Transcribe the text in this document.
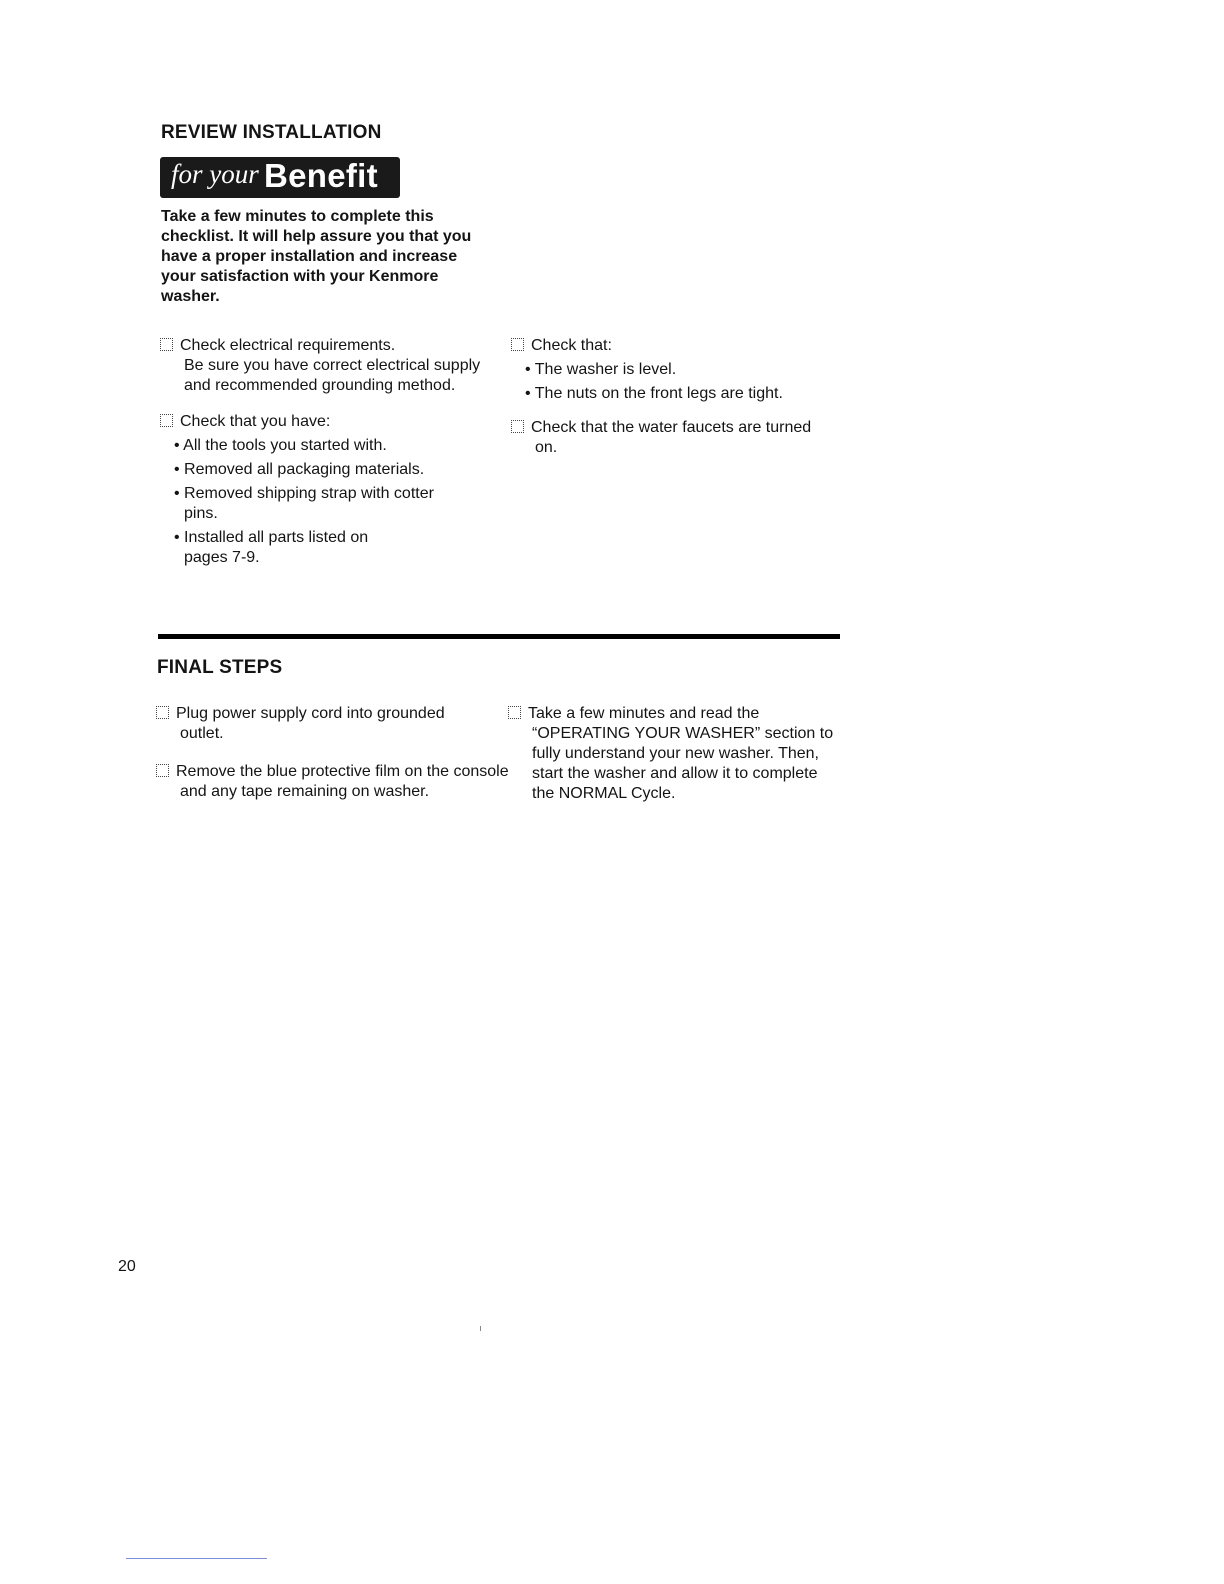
REVIEW INSTALLATION
for your Benefit
Take a few minutes to complete this checklist. It will help assure you that you have a proper installation and increase your satisfaction with your Kenmore washer.
Check electrical requirements.
Be sure you have correct electrical supply and recommended grounding method.
Check that you have:
• All the tools you started with.
• Removed all packaging materials.
• Removed shipping strap with cotter pins.
• Installed all parts listed on pages 7-9.
Check that:
• The washer is level.
• The nuts on the front legs are tight.
Check that the water faucets are turned on.
FINAL STEPS
Plug power supply cord into grounded outlet.
Remove the blue protective film on the console and any tape remaining on washer.
Take a few minutes and read the “OPERATING YOUR WASHER” section to fully understand your new washer. Then, start the washer and allow it to complete the NORMAL Cycle.
20
